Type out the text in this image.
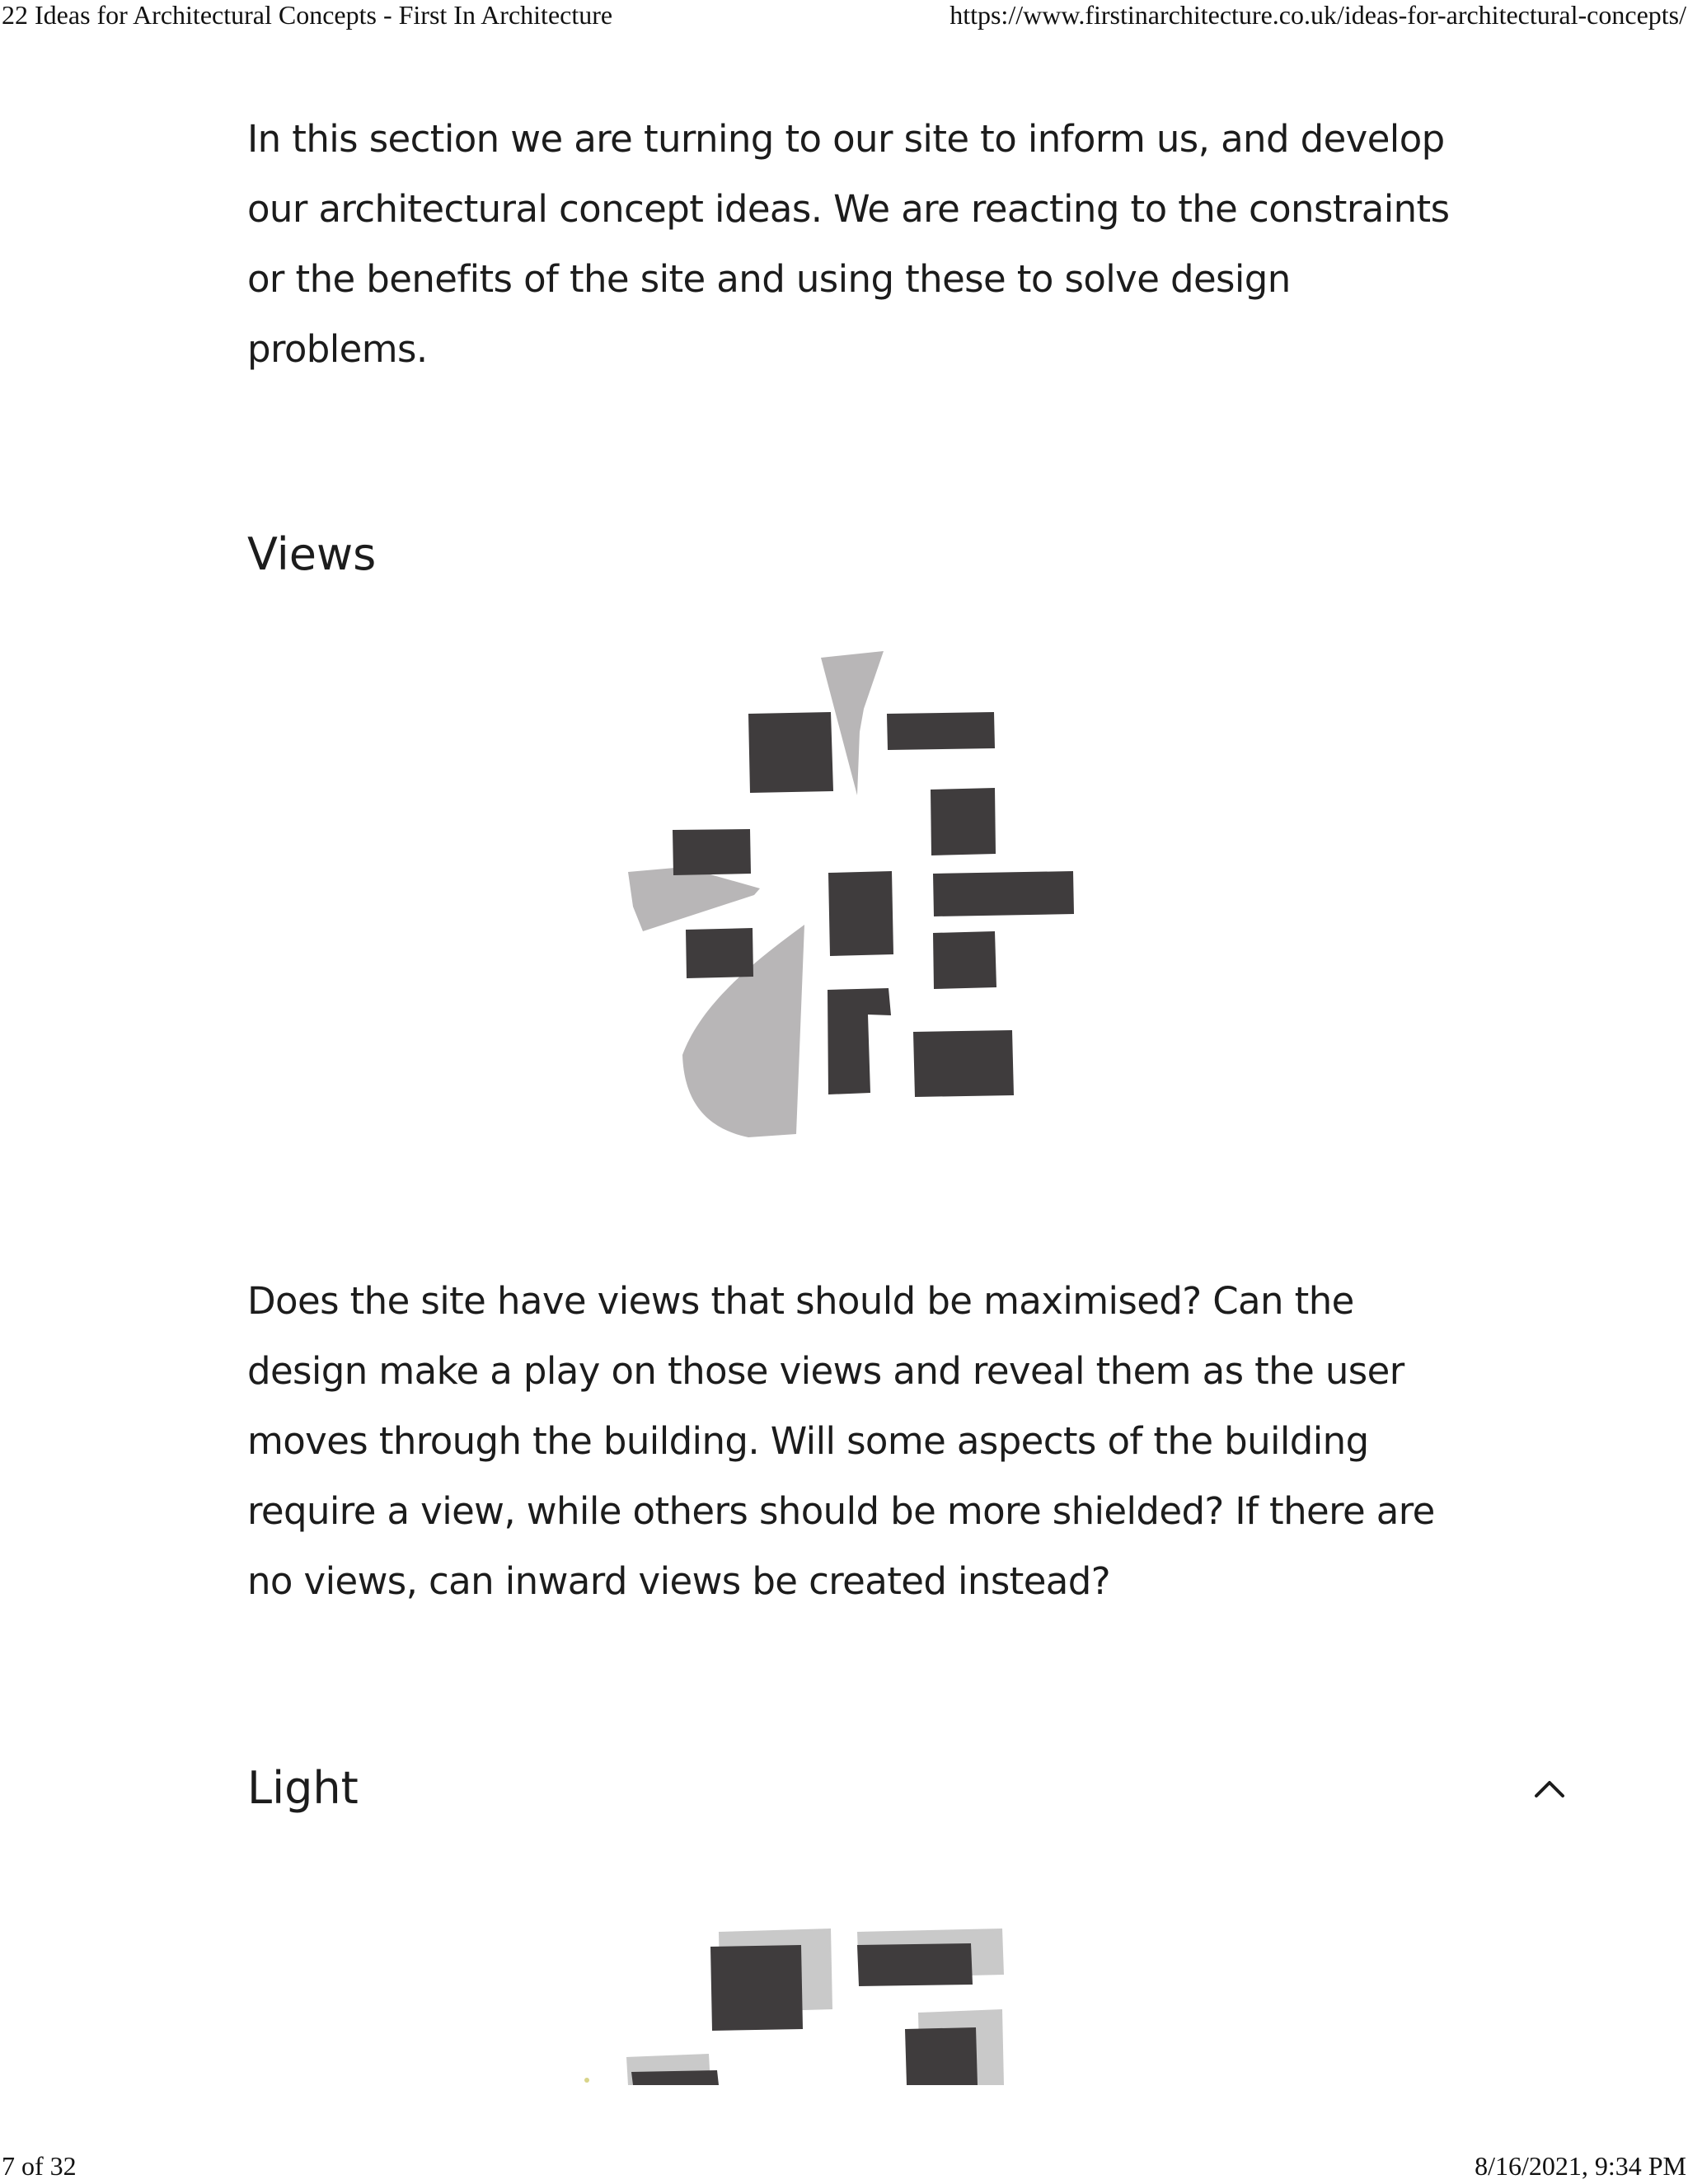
22 Ideas for Architectural Concepts - First In Architecture	https://www.firstinarchitecture.co.uk/ideas-for-architectural-concepts/
In this section we are turning to our site to inform us, and develop our architectural concept ideas. We are reacting to the constraints or the benefits of the site and using these to solve design problems.
Views
Does the site have views that should be maximised? Can the design make a play on those views and reveal them as the user moves through the building. Will some aspects of the building require a view, while others should be more shielded? If there are no views, can inward views be created instead?
Light
7 of 32	8/16/2021, 9:34 PM
